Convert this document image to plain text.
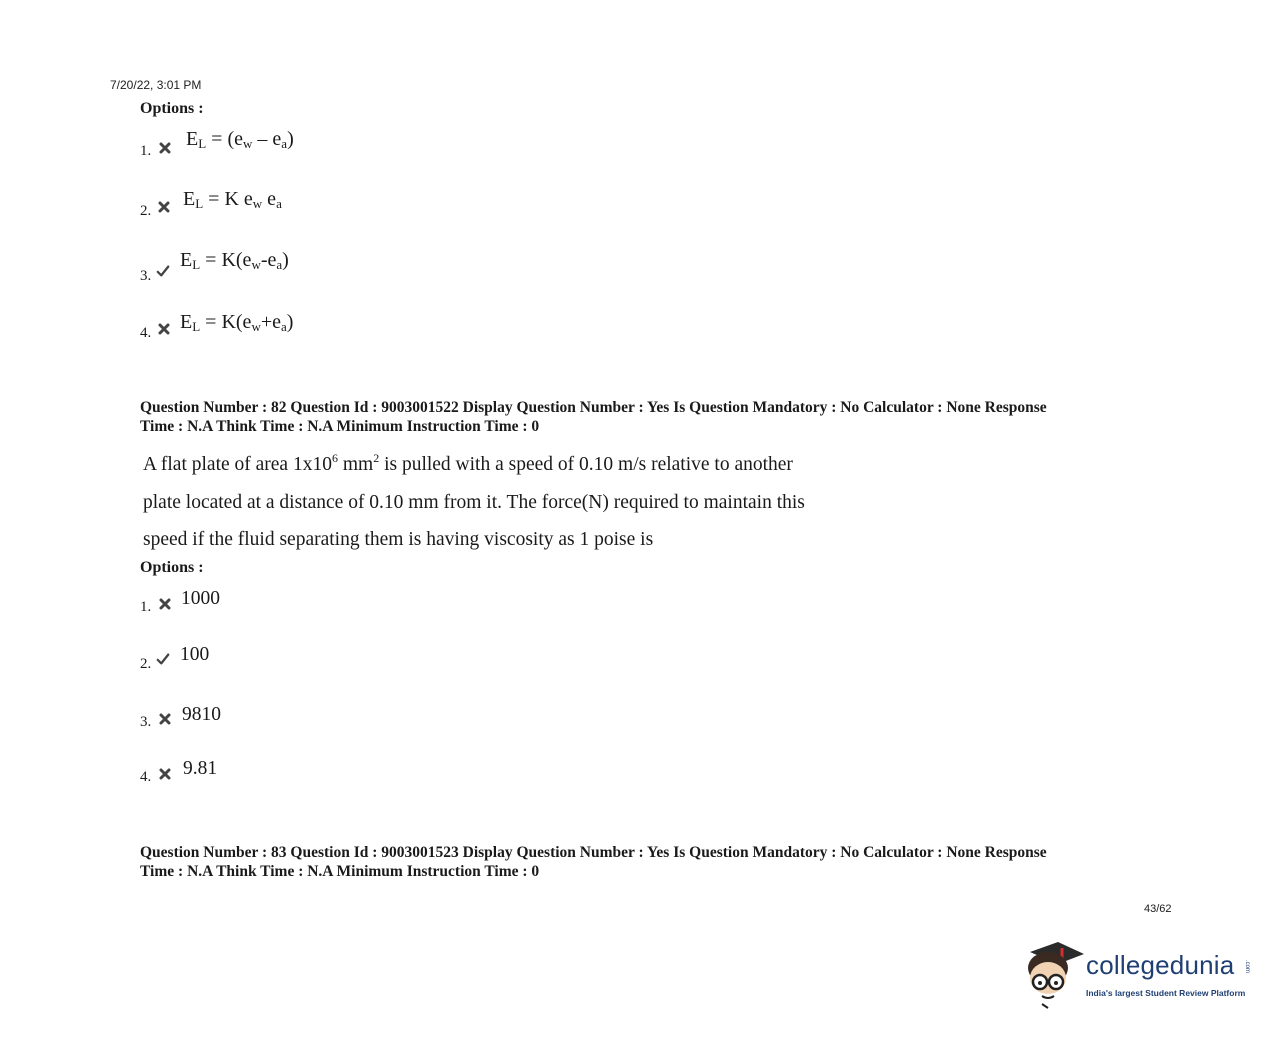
7/20/22, 3:01 PM
Options :
1.
$E_L = (e_w - e_a)$
2.
$E_L = K$ $e_w$ $e_a$
3.
$E_L = K(e_w-e_a)$
4. $E_L = K(e_w+e_a)$
Question Number : 82 Question Id : 9003001522 Display Question Number : Yes Is Question Mandatory : No Calculator : None Response
Time : N.A Think Time : N.A Minimum Instruction Time : 0
A flat plate of area $1x10^6$ $mm^2$ is pulled with a speed of 0.10 m/s relative to another
plate located at a distance of 0.10 mm from it. The force(N) required to maintain this
speed if the fluid separating them is having viscosity as 1 poise is
Options :
1. 1000
2. 100
3. 9810
4. 9.81
Question Number : 83 Question Id : 9003001523 Display Question Number : Yes Is Question Mandatory : No Calculator : None Response
Time : N.A Think Time : N.A Minimum Instruction Time : 0
43/62
collegedunia .com
India's largest Student Review Platform
